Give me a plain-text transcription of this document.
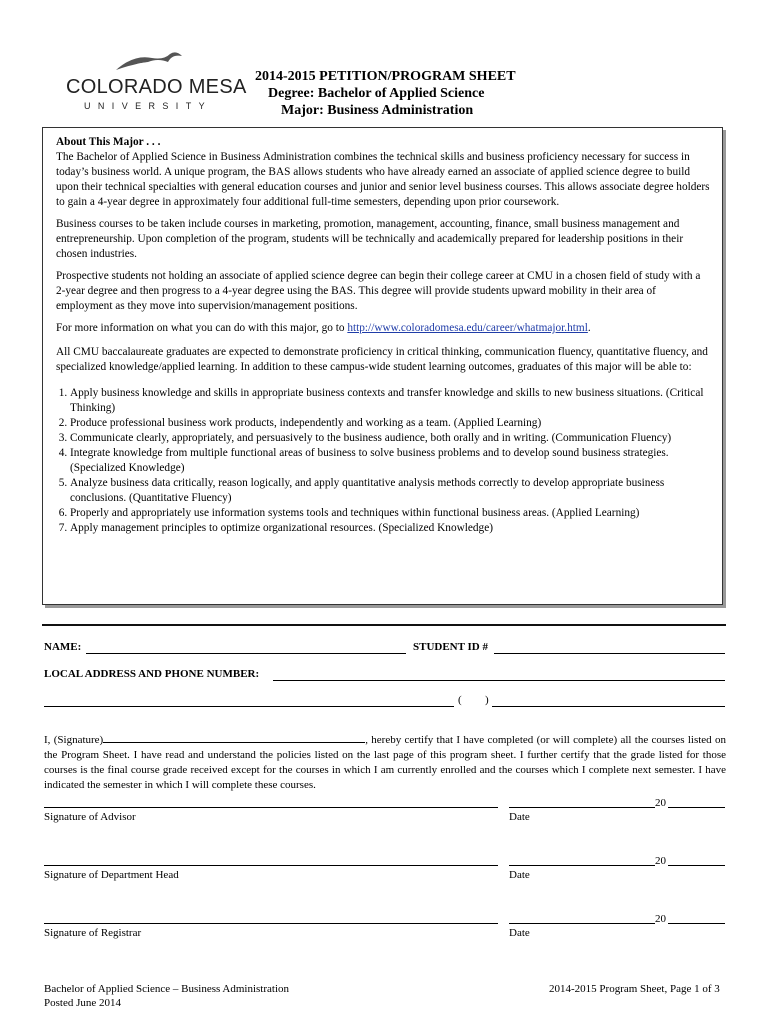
COLORADO MESA
UNIVERSITY
2014-2015 PETITION/PROGRAM SHEET
Degree: Bachelor of Applied Science
Major: Business Administration
About This Major . . .

The Bachelor of Applied Science in Business Administration combines the technical skills and business proficiency necessary for success in today’s business world. A unique program, the BAS allows students who have already earned an associate of applied science degree to build upon their technical specialties with general education courses and junior and senior level business courses. This allows associate degree holders to gain a 4-year degree in approximately four additional full-time semesters, depending upon prior coursework.

Business courses to be taken include courses in marketing, promotion, management, accounting, finance, small business management and entrepreneurship. Upon completion of the program, students will be technically and academically prepared for leadership positions in their chosen industries.

Prospective students not holding an associate of applied science degree can begin their college career at CMU in a chosen field of study with a 2-year degree and then progress to a 4-year degree using the BAS. This degree will provide students upward mobility in their area of employment as they move into supervision/management positions.

For more information on what you can do with this major, go to http://www.coloradomesa.edu/career/whatmajor.html.

All CMU baccalaureate graduates are expected to demonstrate proficiency in critical thinking, communication fluency, quantitative fluency, and specialized knowledge/applied learning. In addition to these campus-wide student learning outcomes, graduates of this major will be able to:

1. Apply business knowledge and skills in appropriate business contexts and transfer knowledge and skills to new business situations. (Critical Thinking)
2. Produce professional business work products, independently and working as a team. (Applied Learning)
3. Communicate clearly, appropriately, and persuasively to the business audience, both orally and in writing. (Communication Fluency)
4. Integrate knowledge from multiple functional areas of business to solve business problems and to develop sound business strategies. (Specialized Knowledge)
5. Analyze business data critically, reason logically, and apply quantitative analysis methods correctly to develop appropriate business conclusions. (Quantitative Fluency)
6. Properly and appropriately use information systems tools and techniques within functional business areas. (Applied Learning)
7. Apply management principles to optimize organizational resources. (Specialized Knowledge)
NAME:	STUDENT ID #
LOCAL ADDRESS AND PHONE NUMBER:
( )
I, (Signature)	, hereby certify that I have completed (or will complete) all the courses listed on the Program Sheet. I have read and understand the policies listed on the last page of this program sheet. I further certify that the grade listed for those courses is the final course grade received except for the courses in which I am currently enrolled and the courses which I complete next semester. I have indicated the semester in which I will complete these courses.
Signature of Advisor
20
Date
Signature of Department Head
20
Date
Signature of Registrar
20
Date
Bachelor of Applied Science – Business Administration
Posted June 2014
2014-2015 Program Sheet, Page 1 of 3
